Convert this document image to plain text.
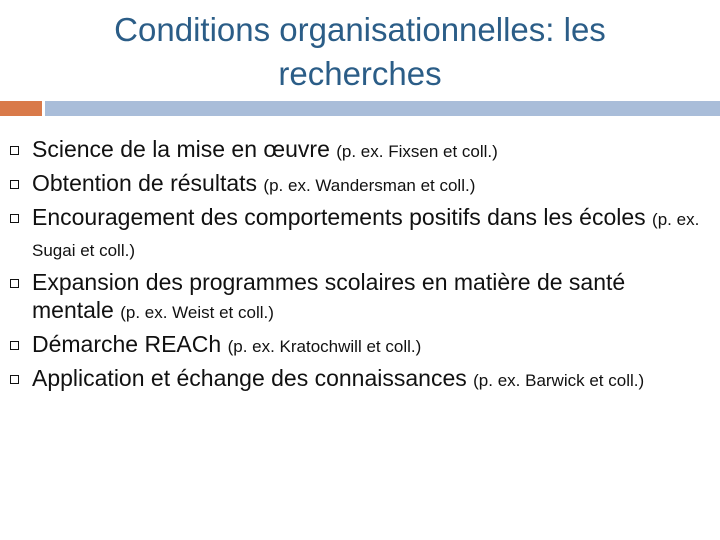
Conditions organisationnelles: les
recherches
Science de la mise en œuvre (p. ex. Fixsen et coll.)
Obtention de résultats (p. ex. Wandersman et coll.)
Encouragement des comportements positifs dans les écoles (p. ex. Sugai et coll.)
Expansion des programmes scolaires en matière de santé mentale (p. ex. Weist et coll.)
Démarche REACh (p. ex. Kratochwill et coll.)
Application et échange des connaissances (p. ex. Barwick et coll.)
